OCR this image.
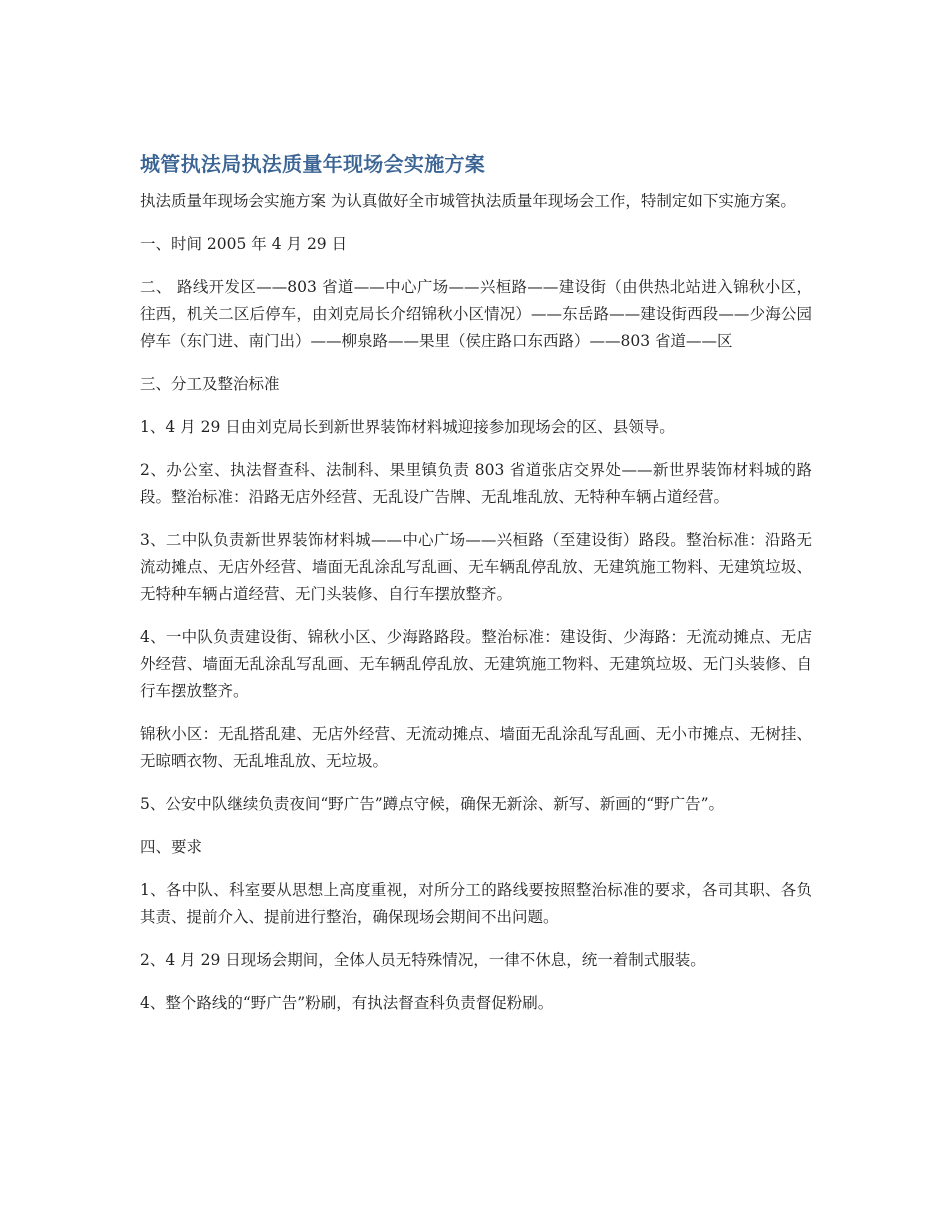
城管执法局执法质量年现场会实施方案

执法质量年现场会实施方案 为认真做好全市城管执法质量年现场会工作，特制定如下实施方案。

一、时间 2005 年 4 月 29 日

二、 路线开发区——803 省道——中心广场——兴桓路——建设街（由供热北站进入锦秋小区，往西，机关二区后停车，由刘克局长介绍锦秋小区情况）——东岳路——建设街西段——少海公园停车（东门进、南门出）——柳泉路——果里（侯庄路口东西路）——803 省道——区

三、分工及整治标准

1、4 月 29 日由刘克局长到新世界装饰材料城迎接参加现场会的区、县领导。

2、办公室、执法督查科、法制科、果里镇负责 803 省道张店交界处——新世界装饰材料城的路段。整治标准：沿路无店外经营、无乱设广告牌、无乱堆乱放、无特种车辆占道经营。

3、二中队负责新世界装饰材料城——中心广场——兴桓路（至建设街）路段。整治标准：沿路无流动摊点、无店外经营、墙面无乱涂乱写乱画、无车辆乱停乱放、无建筑施工物料、无建筑垃圾、无特种车辆占道经营、无门头装修、自行车摆放整齐。

4、一中队负责建设街、锦秋小区、少海路路段。整治标准：建设街、少海路：无流动摊点、无店外经营、墙面无乱涂乱写乱画、无车辆乱停乱放、无建筑施工物料、无建筑垃圾、无门头装修、自行车摆放整齐。

锦秋小区：无乱搭乱建、无店外经营、无流动摊点、墙面无乱涂乱写乱画、无小市摊点、无树挂、无晾晒衣物、无乱堆乱放、无垃圾。

5、公安中队继续负责夜间“野广告”蹲点守候，确保无新涂、新写、新画的“野广告”。

四、要求

1、各中队、科室要从思想上高度重视，对所分工的路线要按照整治标准的要求，各司其职、各负其责、提前介入、提前进行整治，确保现场会期间不出问题。

2、4 月 29 日现场会期间，全体人员无特殊情况，一律不休息，统一着制式服装。

4、整个路线的“野广告”粉刷，有执法督查科负责督促粉刷。
